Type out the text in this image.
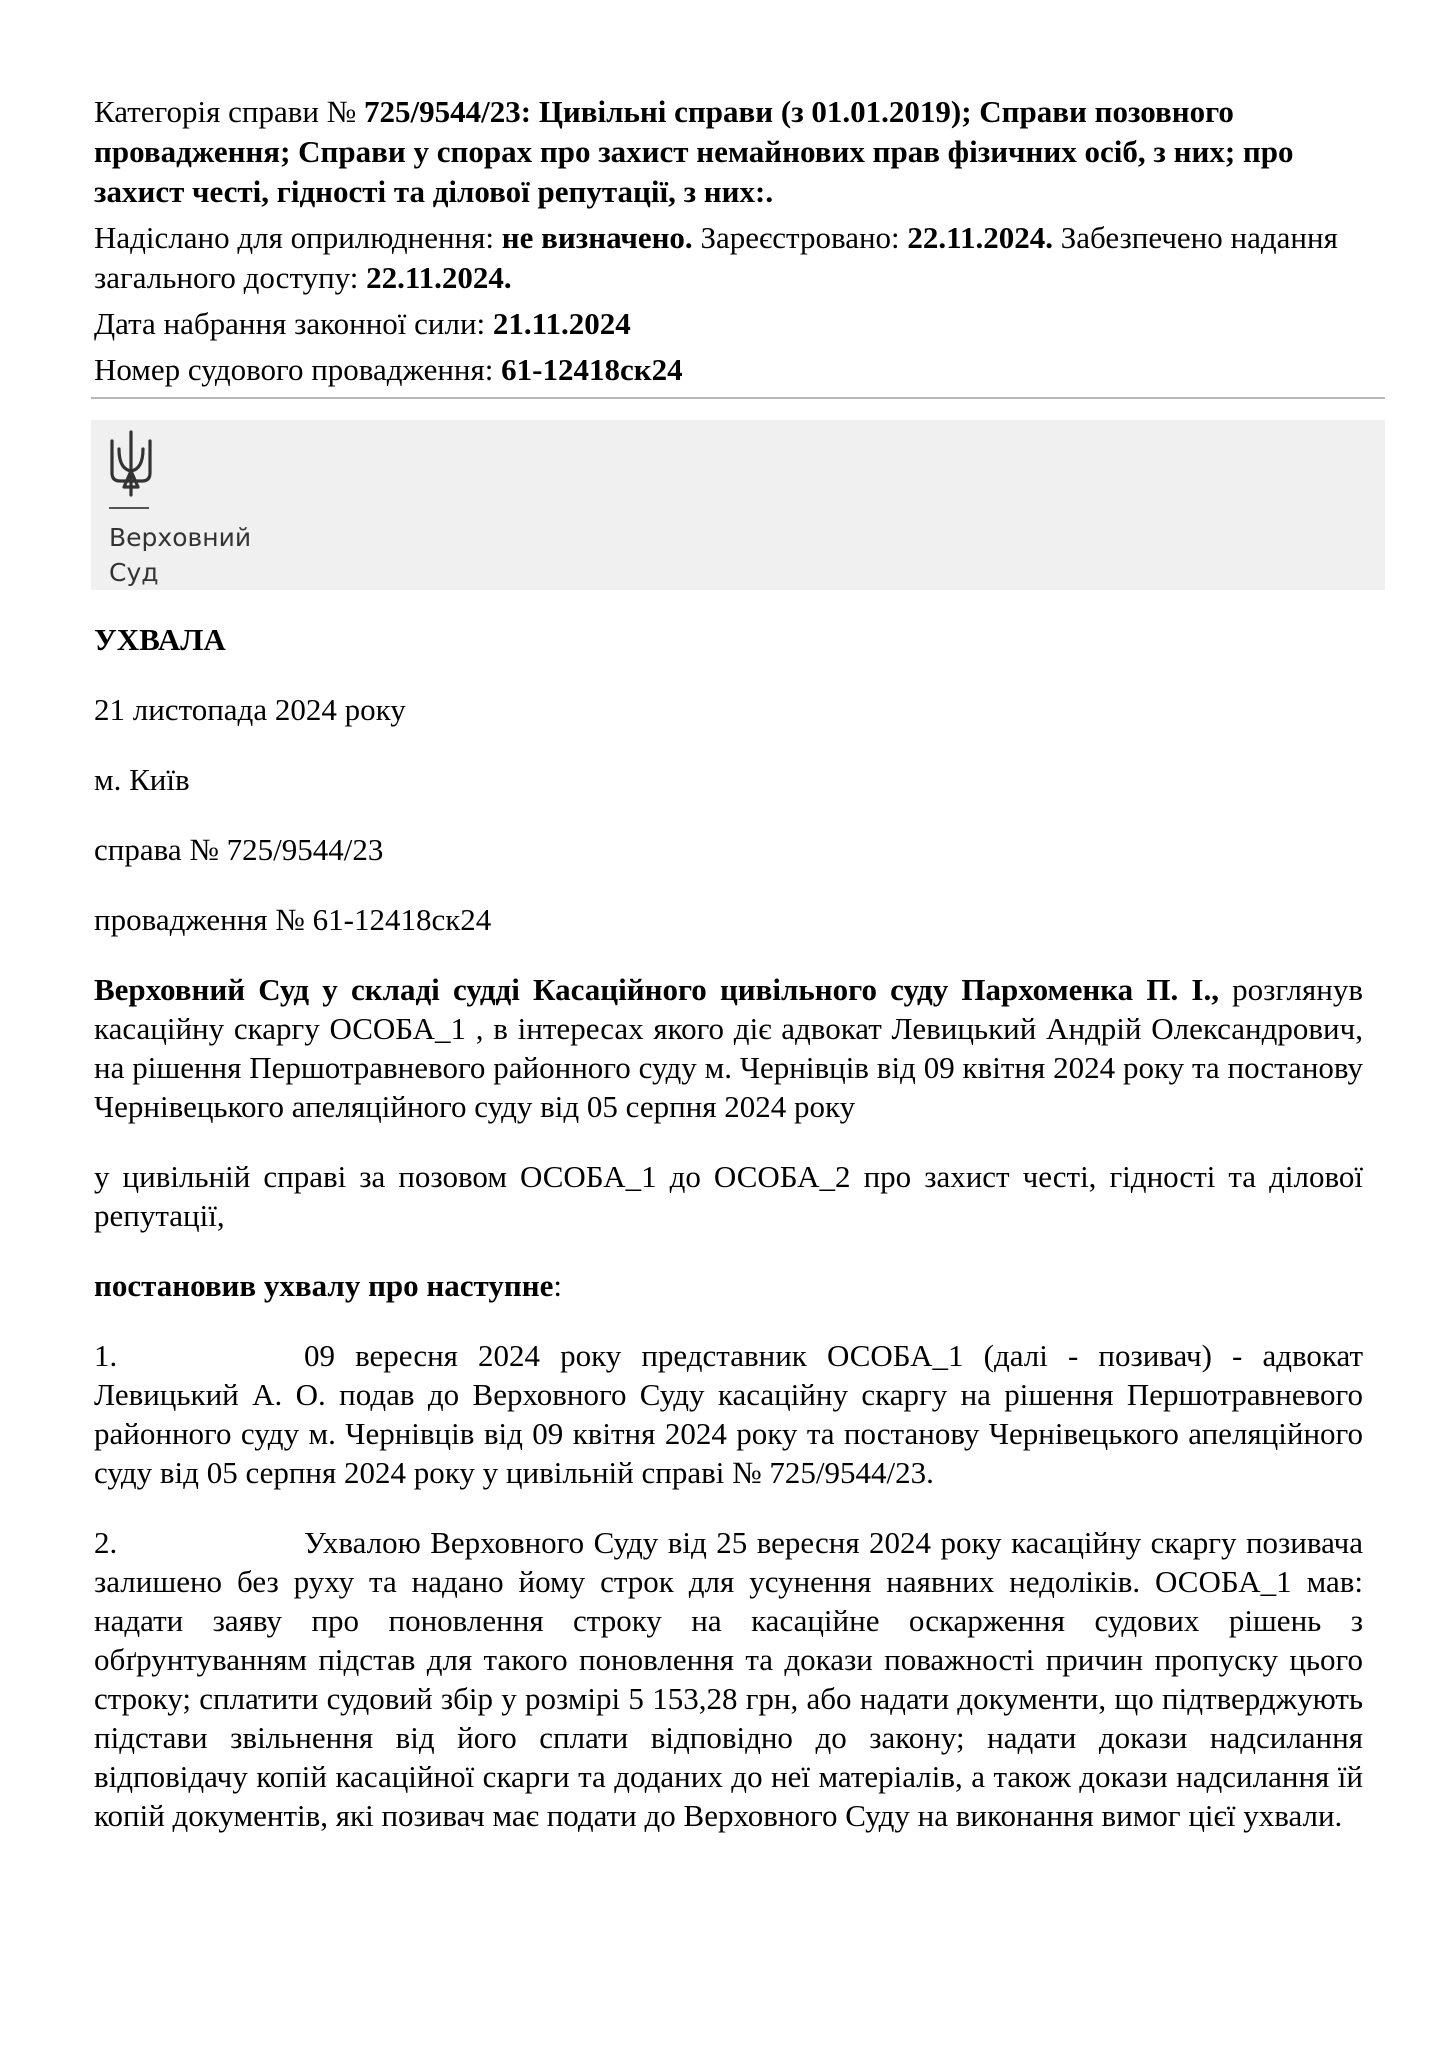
Категорія справи № 725/9544/23: Цивільні справи (з 01.01.2019); Справи позовного провадження; Справи у спорах про захист немайнових прав фізичних осіб, з них; про захист честі, гідності та ділової репутації, з них:.

Надіслано для оприлюднення: не визначено. Зареєстровано: 22.11.2024. Забезпечено надання загального доступу: 22.11.2024.

Дата набрання законної сили: 21.11.2024

Номер судового провадження: 61-12418ск24

Верховний
Суд

УХВАЛА

21 листопада 2024 року

м. Київ

справа № 725/9544/23

провадження № 61-12418ск24

Верховний Суд у складі судді Касаційного цивільного суду Пархоменка П. І., розглянув касаційну скаргу ОСОБА_1 , в інтересах якого діє адвокат Левицький Андрій Олександрович, на рішення Першотравневого районного суду м. Чернівців від 09 квітня 2024 року та постанову Чернівецького апеляційного суду від 05 серпня 2024 року

у цивільній справі за позовом ОСОБА_1 до ОСОБА_2 про захист честі, гідності та ділової репутації,

постановив ухвалу про наступне:

1.	09 вересня 2024 року представник ОСОБА_1 (далі - позивач) - адвокат Левицький А. О. подав до Верховного Суду касаційну скаргу на рішення Першотравневого районного суду м. Чернівців від 09 квітня 2024 року та постанову Чернівецького апеляційного суду від 05 серпня 2024 року у цивільній справі № 725/9544/23.

2.	Ухвалою Верховного Суду від 25 вересня 2024 року касаційну скаргу позивача залишено без руху та надано йому строк для усунення наявних недоліків. ОСОБА_1 мав: надати заяву про поновлення строку на касаційне оскарження судових рішень з обґрунтуванням підстав для такого поновлення та докази поважності причин пропуску цього строку; сплатити судовий збір у розмірі 5 153,28 грн, або надати документи, що підтверджують підстави звільнення від його сплати відповідно до закону; надати докази надсилання відповідачу копій касаційної скарги та доданих до неї матеріалів, а також докази надсилання їй копій документів, які позивач має подати до Верховного Суду на виконання вимог цієї ухвали.
